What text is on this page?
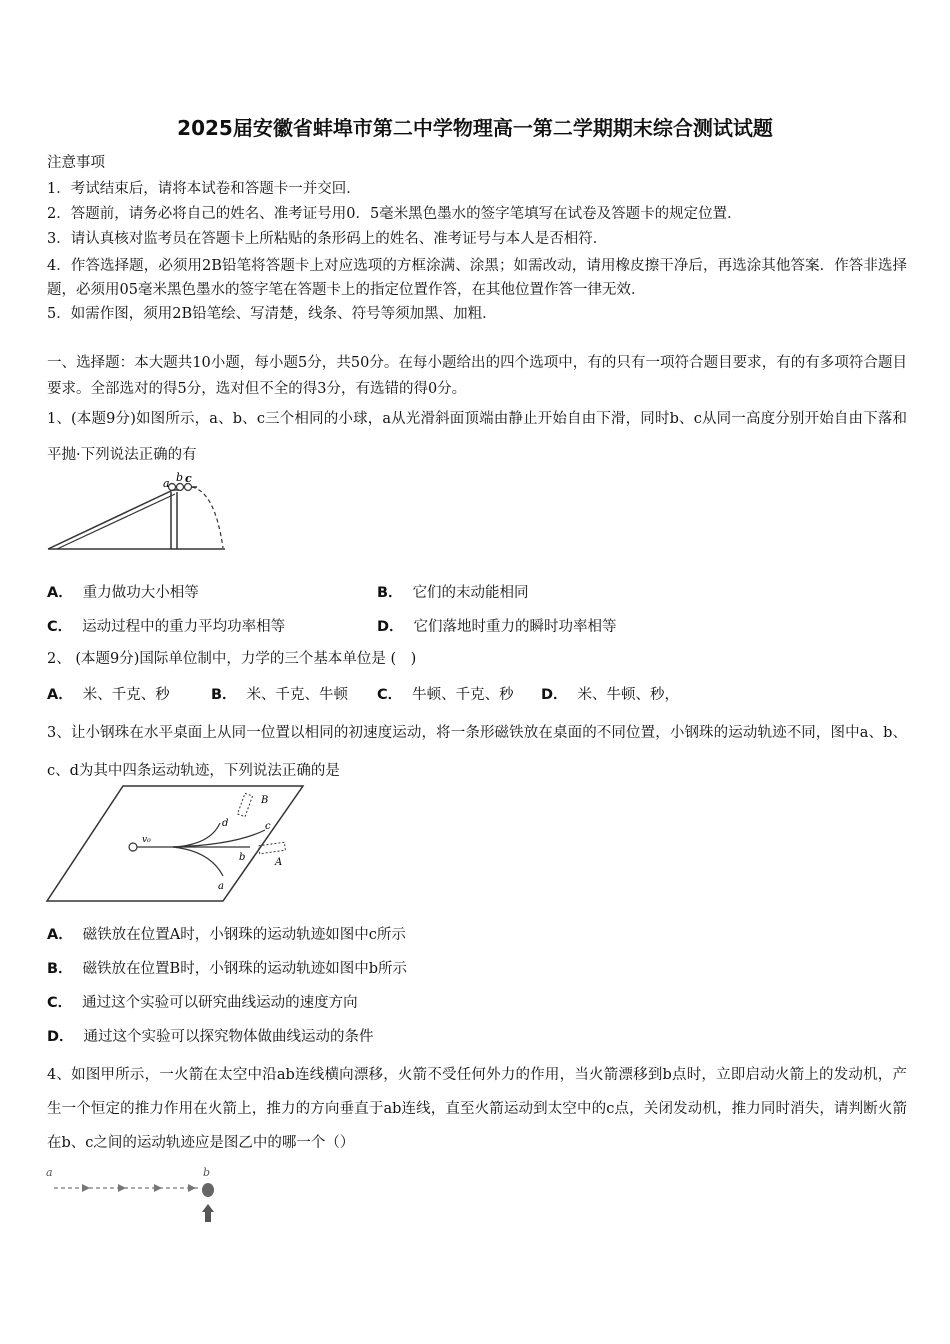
2025届安徽省蚌埠市第二中学物理高一第二学期期末综合测试试题
注意事项
1．考试结束后，请将本试卷和答题卡一并交回．
2．答题前，请务必将自己的姓名、准考证号用0．5毫米黑色墨水的签字笔填写在试卷及答题卡的规定位置．
3．请认真核对监考员在答题卡上所粘贴的条形码上的姓名、准考证号与本人是否相符．
4．作答选择题，必须用2B铅笔将答题卡上对应选项的方框涂满、涂黑；如需改动，请用橡皮擦干净后，再选涂其他答案．作答非选择题，必须用05毫米黑色墨水的签字笔在答题卡上的指定位置作答，在其他位置作答一律无效．
5．如需作图，须用2B铅笔绘、写清楚，线条、符号等须加黑、加粗．
一、选择题：本大题共10小题，每小题5分，共50分。在每小题给出的四个选项中，有的只有一项符合题目要求，有的有多项符合题目要求。全部选对的得5分，选对但不全的得3分，有选错的得0分。
1、(本题9分)如图所示，a、b、c三个相同的小球，a从光滑斜面顶端由静止开始自由下滑，同时b、c从同一高度分别开始自由下落和平抛·下列说法正确的有
a b c
A． 重力做功大小相等	B． 它们的末动能相同
C． 运动过程中的重力平均功率相等	D． 它们落地时重力的瞬时功率相等
2、 (本题9分)国际单位制中，力学的三个基本单位是 (　)
A． 米、千克、秒	B． 米、千克、牛顿 C． 牛顿、千克、秒 D． 米、牛顿、秒，
3、让小钢珠在水平桌面上从同一位置以相同的初速度运动，将一条形磁铁放在桌面的不同位置，小钢珠的运动轨迹不同，图中a、b、c、d为其中四条运动轨迹，下列说法正确的是
v₀
a
b
c
d
A
B
A． 磁铁放在位置A时，小钢珠的运动轨迹如图中c所示
B． 磁铁放在位置B时，小钢珠的运动轨迹如图中b所示
C． 通过这个实验可以研究曲线运动的速度方向
D． 通过这个实验可以探究物体做曲线运动的条件
4、如图甲所示，一火箭在太空中沿ab连线横向漂移，火箭不受任何外力的作用，当火箭漂移到b点时，立即启动火箭上的发动机，产生一个恒定的推力作用在火箭上，推力的方向垂直于ab连线，直至火箭运动到太空中的c点，关闭发动机，推力同时消失，请判断火箭在b、c之间的运动轨迹应是图乙中的哪一个（）
a	b
